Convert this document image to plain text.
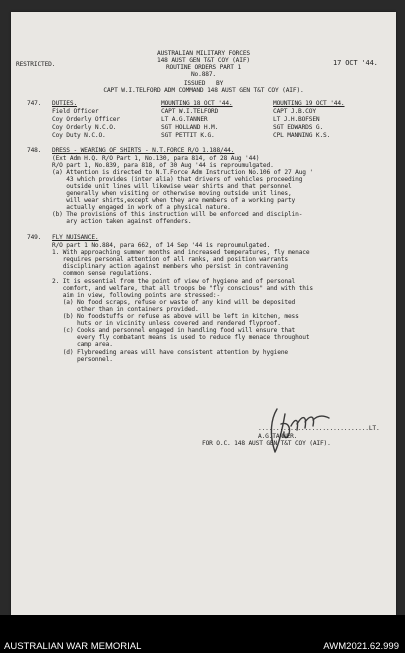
AUSTRALIAN MILITARY FORCES
148 AUST GEN T&T COY (AIF)
ROUTINE ORDERS PART 1
No.887.
RESTRICTED.	17 OCT '44.
ISSUED   BY
CAPT W.I.TELFORD ADM COMMAND 148 AUST GEN T&T COY (AIF).
747. DUTIES.	MOUNTING 18 OCT '44.	MOUNTING 19 OCT '44.
Field Officer	CAPT W.I.TELFORD	CAPT J.B.COY
Coy Orderly Officer	LT A.G.TANNER	LT J.H.BOFSEN
Coy Orderly N.C.O.	SGT HOLLAND H.M.	SGT EDWARDS G.
Coy Duty N.C.O.	SGT PETTIT K.G.	CPL MANNING K.S.
748. DRESS - WEARING OF SHIRTS - N.T.FORCE R/O 1.188/44.
(Ext Adm H.Q. R/O Part 1, No.130, para 814, of 28 Aug '44)
R/O part 1, No.839, para 818, of 30 Aug '44 is reproumulgated.
(a) Attention is directed to N.T.Force Adm Instruction No.106 of 27 Aug '
43 which provides (inter alia) that drivers of vehicles proceeding
outside unit lines will likewise wear shirts and that personnel
generally when visiting or otherwise moving outside unit lines,
will wear shirts,except when they are members of a working party
actually engaged in work of a physical nature.
(b) The provisions of this instruction will be enforced and disciplin-
ary action taken against offenders.
749. FLY NUISANCE.
R/O part 1 No.884, para 662, of 14 Sep '44 is reproumulgated.
1. With approaching summer months and increased temperatures, fly menace
requires personal attention of all ranks, and position warrants
disciplinary action against members who persist in contravening
common sense regulations.
2. It is essential from the point of view of hygiene and of personal
comfort, and welfare, that all troops be "fly conscious" and with this
aim in view, following points are stressed:-
(a) No food scraps, refuse or waste of any kind will be deposited
other than in containers provided.
(b) No foodstuffs or refuse as above will be left in kitchen, mess
huts or in vicinity unless covered and rendered flyproof.
(c) Cooks and personnel engaged in handling food will ensure that
every fly combatant means is used to reduce fly menace throughout
camp area.
(d) Flybreeding areas will have consistent attention by hygiene
personnel.
...............................LT.
A.G.TANNER.
FOR O.C. 148 AUST GEN T&T COY (AIF).
AUSTRALIAN WAR MEMORIAL	AWM2021.62.999
